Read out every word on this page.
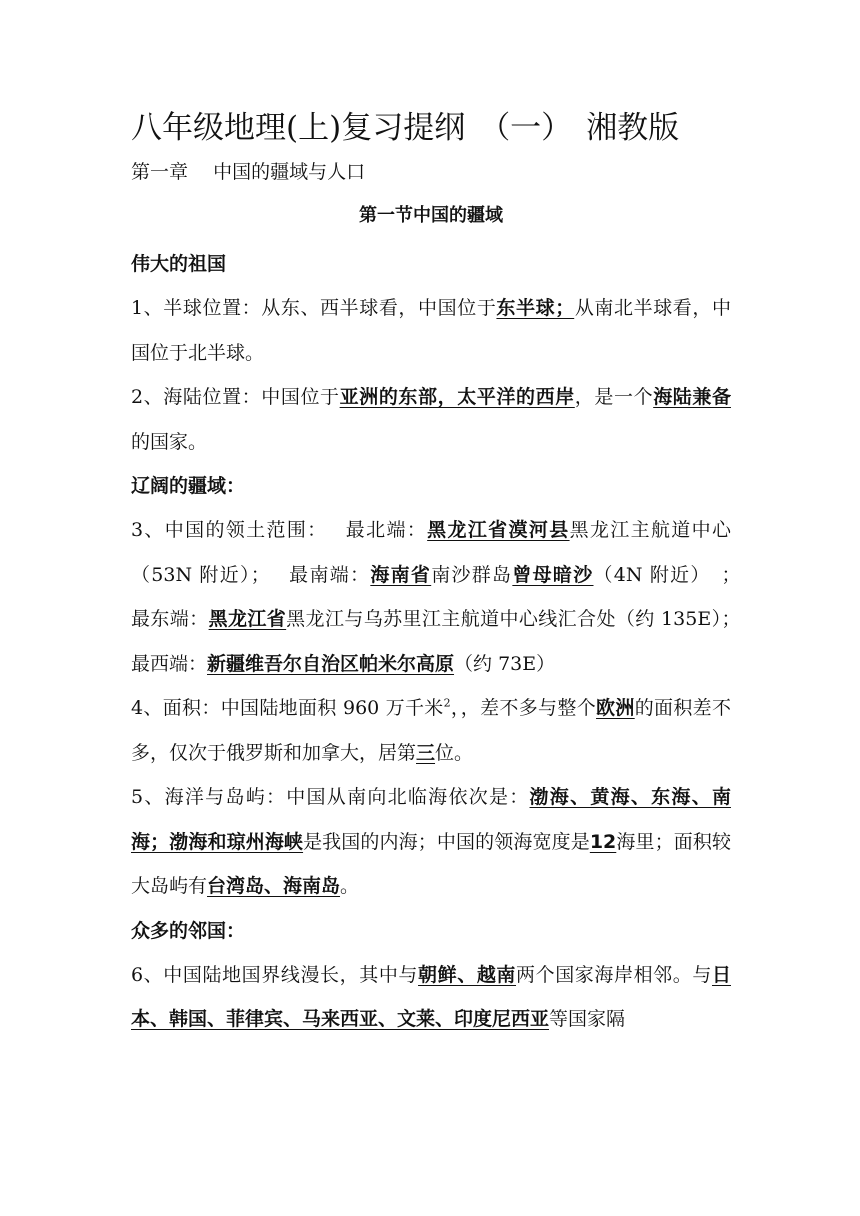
八年级地理(上)复习提纲 （一） 湘教版

第一章　 中国的疆域与人口

第一节中国的疆域

伟大的祖国

1、半球位置：从东、西半球看，中国位于东半球；从南北半球看，中国位于北半球。

2、海陆位置：中国位于亚洲的东部，太平洋的西岸，是一个海陆兼备的国家。

辽阔的疆域：

3、中国的领土范围：　 最北端：黑龙江省漠河县黑龙江主航道中心（53N 附近）；　 最南端：海南省南沙群岛曾母暗沙（4N 附近）　；　最东端：黑龙江省黑龙江与乌苏里江主航道中心线汇合处（约 135E）；　最西端：新疆维吾尔自治区帕米尔高原（约 73E）

4、面积：中国陆地面积 960 万千米$^2$，，差不多与整个欧洲的面积差不多，仅次于俄罗斯和加拿大，居第三位。

5、海洋与岛屿：中国从南向北临海依次是：渤海、黄海、东海、南海；渤海和琼州海峡是我国的内海；中国的领海宽度是12海里；面积较大岛屿有台湾岛、海南岛。

众多的邻国：

6、中国陆地国界线漫长，其中与朝鲜、越南两个国家海岸相邻。与日本、韩国、菲律宾、马来西亚、文莱、印度尼西亚等国家隔
